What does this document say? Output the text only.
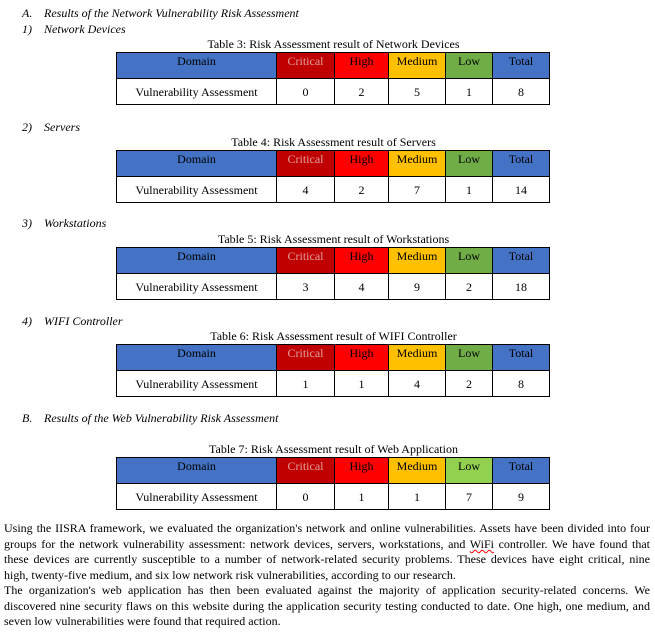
A. Results of the Network Vulnerability Risk Assessment
1) Network Devices
Table 3: Risk Assessment result of Network Devices
Domain	Critical	High	Medium	Low	Total
Vulnerability Assessment	0	2	5	1	8
2) Servers
Table 4: Risk Assessment result of Servers
Domain	Critical	High	Medium	Low	Total
Vulnerability Assessment	4	2	7	1	14
3) Workstations
Table 5: Risk Assessment result of Workstations
Domain	Critical	High	Medium	Low	Total
Vulnerability Assessment	3	4	9	2	18
4) WIFI Controller
Table 6: Risk Assessment result of WIFI Controller
Domain	Critical	High	Medium	Low	Total
Vulnerability Assessment	1	1	4	2	8
B. Results of the Web Vulnerability Risk Assessment
Table 7: Risk Assessment result of Web Application
Domain	Critical	High	Medium	Low	Total
Vulnerability Assessment	0	1	1	7	9
Using the IISRA framework, we evaluated the organization's network and online vulnerabilities. Assets have been divided into four
groups for the network vulnerability assessment: network devices, servers, workstations, and WiFi controller. We have found that
these devices are currently susceptible to a number of network-related security problems. These devices have eight critical, nine
high, twenty-five medium, and six low network risk vulnerabilities, according to our research.
The organization's web application has then been evaluated against the majority of application security-related concerns. We
discovered nine security flaws on this website during the application security testing conducted to date. One high, one medium, and
seven low vulnerabilities were found that required action.
